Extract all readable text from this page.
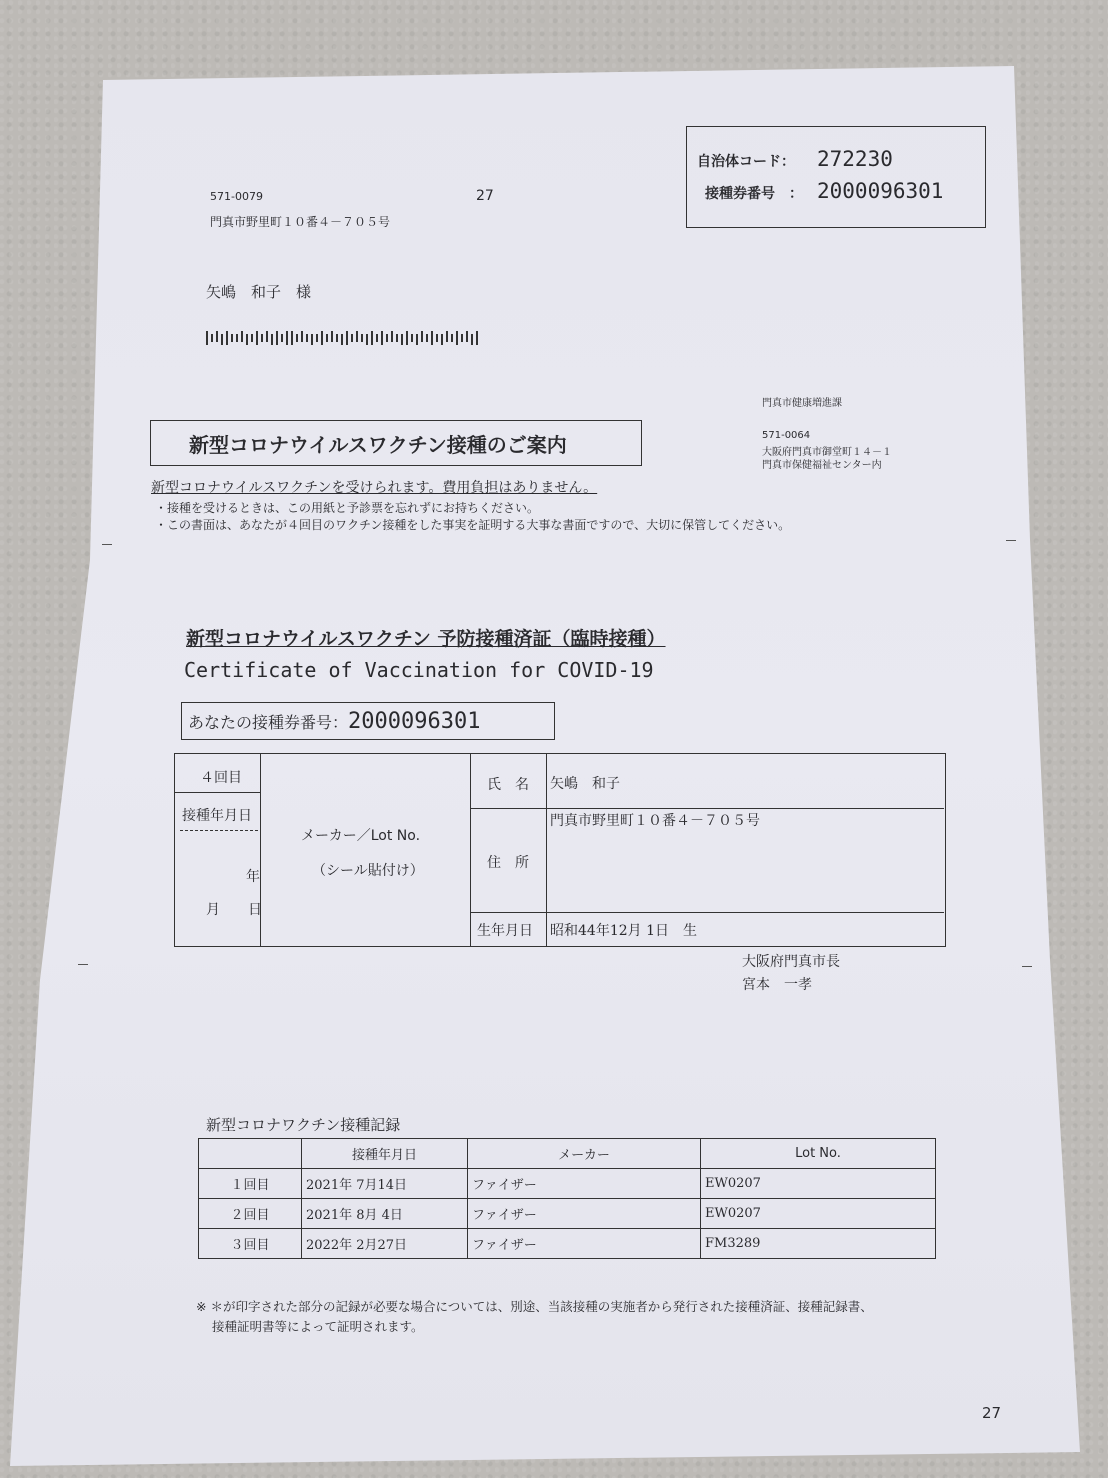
571-0079	27
門真市野里町１０番４－７０５号
矢嶋　和子　様
自治体コード： 272230
接種券番号　： 2000096301
門真市健康増進課
571-0064
大阪府門真市御堂町１４－１
門真市保健福祉センター内
新型コロナウイルスワクチン接種のご案内
新型コロナウイルスワクチンを受けられます。費用負担はありません。
・接種を受けるときは、この用紙と予診票を忘れずにお持ちください。
・この書面は、あなたが４回目のワクチン接種をした事実を証明する大事な書面ですので、大切に保管してください。
新型コロナウイルスワクチン 予防接種済証（臨時接種）
Certificate of Vaccination for COVID-19
あなたの接種券番号： 2000096301
４回目
接種年月日
年
月　　日
メーカー／Lot No.
（シール貼付け）
氏　名 矢嶋　和子
住　所
門真市野里町１０番４－７０５号
生年月日 昭和44年12月 1日　生
大阪府門真市長
宮本　一孝
新型コロナワクチン接種記録
	接種年月日	メーカー	Lot No.
１回目	2021年 7月14日	ファイザー	EW0207
２回目	2021年 8月 4日	ファイザー	EW0207
３回目	2022年 2月27日	ファイザー	FM3289
※ ＊が印字された部分の記録が必要な場合については、別途、当該接種の実施者から発行された接種済証、接種記録書、
接種証明書等によって証明されます。
27
